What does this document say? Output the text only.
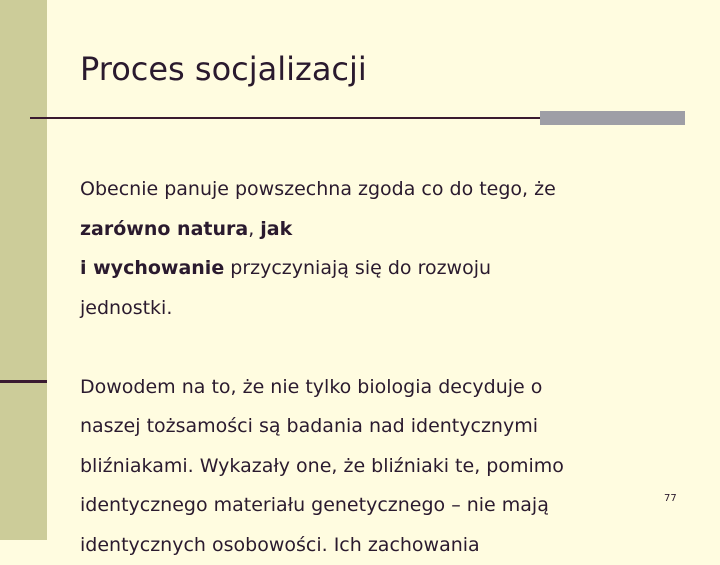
Proces socjalizacji

Obecnie panuje powszechna zgoda co do tego, że
zarówno natura, jak
i wychowanie przyczyniają się do rozwoju
jednostki.

Dowodem na to, że nie tylko biologia decyduje o
naszej tożsamości są badania nad identycznymi
bliźniakami. Wykazały one, że bliźniaki te, pomimo
identycznego materiału genetycznego – nie mają
identycznych osobowości. Ich zachowania

77
